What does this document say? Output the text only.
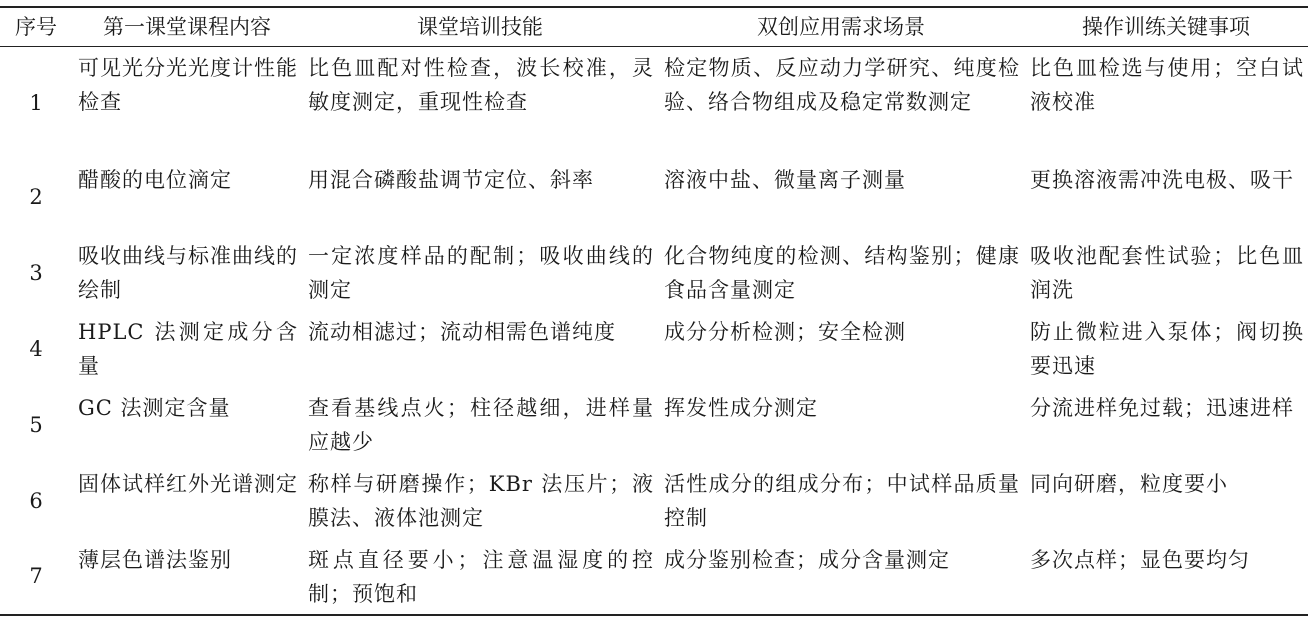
序号	第一课堂课程内容	课堂培训技能	双创应用需求场景	操作训练关键事项
1	可见光分光光度计性能检查	比色皿配对性检查，波长校准，灵敏度测定，重现性检查	检定物质、反应动力学研究、纯度检验、络合物组成及稳定常数测定	比色皿检选与使用；空白试液校准
2	醋酸的电位滴定	用混合磷酸盐调节定位、斜率	溶液中盐、微量离子测量	更换溶液需冲洗电极、吸干
3	吸收曲线与标准曲线的绘制	一定浓度样品的配制；吸收曲线的测定	化合物纯度的检测、结构鉴别；健康食品含量测定	吸收池配套性试验；比色皿润洗
4	HPLC 法测定成分含量	流动相滤过；流动相需色谱纯度	成分分析检测；安全检测	防止微粒进入泵体；阀切换要迅速
5	GC 法测定含量	查看基线点火；柱径越细，进样量应越少	挥发性成分测定	分流进样免过载；迅速进样
6	固体试样红外光谱测定	称样与研磨操作；KBr 法压片；液膜法、液体池测定	活性成分的组成分布；中试样品质量控制	同向研磨，粒度要小
7	薄层色谱法鉴别	斑点直径要小；注意温湿度的控制；预饱和	成分鉴别检查；成分含量测定	多次点样；显色要均匀
